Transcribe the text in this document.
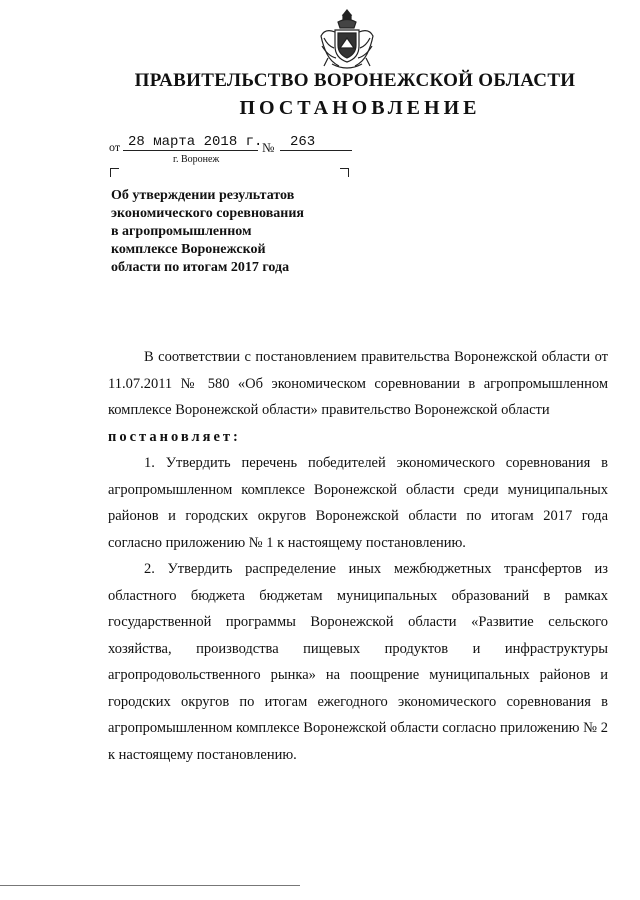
ПРАВИТЕЛЬСТВО ВОРОНЕЖСКОЙ ОБЛАСТИ
ПОСТАНОВЛЕНИЕ
от 28 марта 2018 г. № 263
г. Воронеж
Об утверждении результатов
экономического соревнования
в агропромышленном
комплексе Воронежской
области по итогам 2017 года

В соответствии с постановлением правительства Воронежской области от 11.07.2011 № 580 «Об экономическом соревновании в агропромышленном комплексе Воронежской области» правительство Воронежской области

постановляет:

1. Утвердить перечень победителей экономического соревнования в агропромышленном комплексе Воронежской области среди муниципальных районов и городских округов Воронежской области по итогам 2017 года согласно приложению № 1 к настоящему постановлению.

2. Утвердить распределение иных межбюджетных трансфертов из областного бюджета бюджетам муниципальных образований в рамках государственной программы Воронежской области «Развитие сельского хозяйства, производства пищевых продуктов и инфраструктуры агропродовольственного рынка» на поощрение муниципальных районов и городских округов по итогам ежегодного экономического соревнования в агропромышленном комплексе Воронежской области согласно приложению № 2 к настоящему постановлению.
